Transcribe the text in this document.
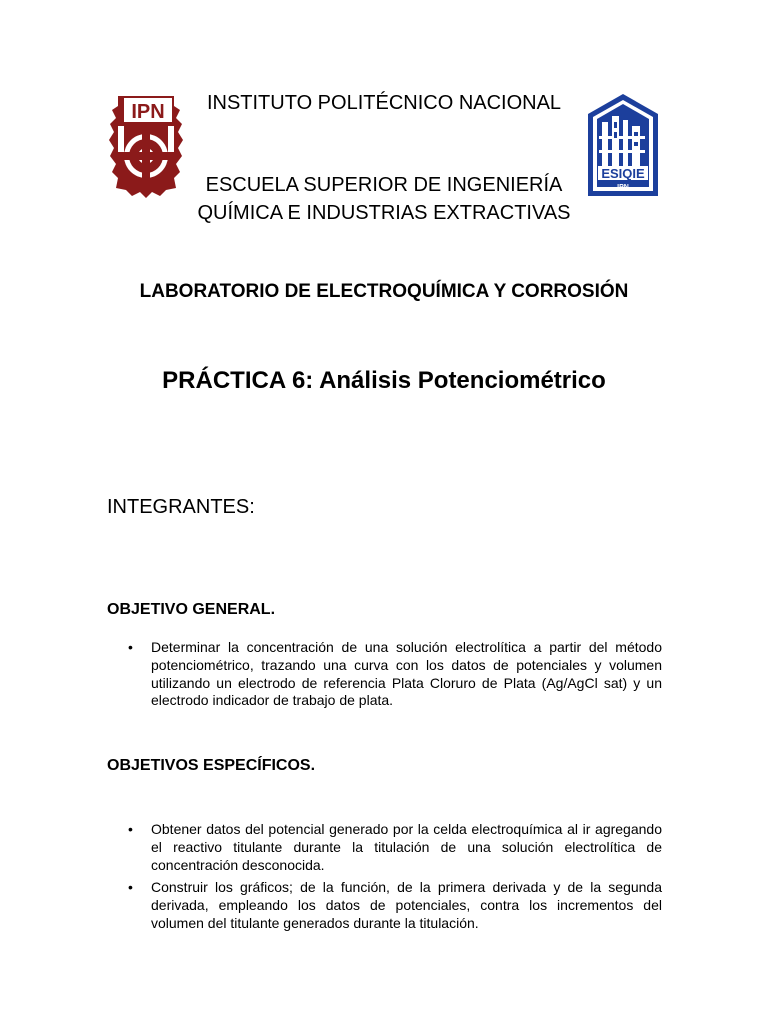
IPN
ESIQIE
IPN
INSTITUTO POLITÉCNICO NACIONAL
ESCUELA SUPERIOR DE INGENIERÍA
QUÍMICA E INDUSTRIAS EXTRACTIVAS
LABORATORIO DE ELECTROQUÍMICA Y CORROSIÓN
PRÁCTICA 6: Análisis Potenciométrico
INTEGRANTES:
OBJETIVO GENERAL.
• Determinar la concentración de una solución electrolítica a partir del método potenciométrico, trazando una curva con los datos de potenciales y volumen utilizando un electrodo de referencia Plata Cloruro de Plata (Ag/AgCl sat) y un electrodo indicador de trabajo de plata.
OBJETIVOS ESPECÍFICOS.
• Obtener datos del potencial generado por la celda electroquímica al ir agregando el reactivo titulante durante la titulación de una solución electrolítica de concentración desconocida.
• Construir los gráficos; de la función, de la primera derivada y de la segunda derivada, empleando los datos de potenciales, contra los incrementos del volumen del titulante generados durante la titulación.
